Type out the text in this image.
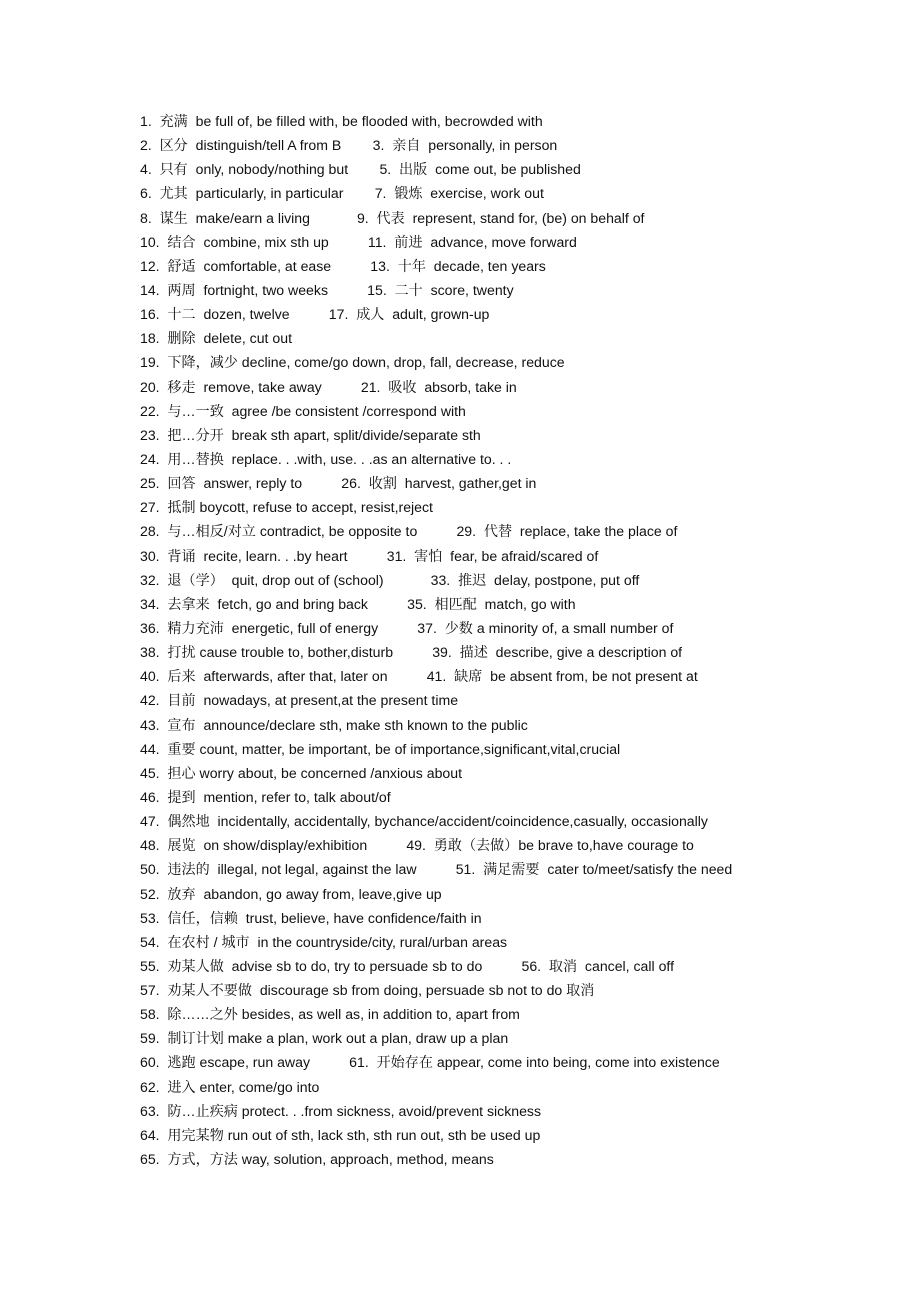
1.  充满  be full of, be filled with, be flooded with, becrowded with
2.  区分  distinguish/tell A from B        3.  亲自  personally, in person
4.  只有  only, nobody/nothing but        5.  出版  come out, be published
6.  尤其  particularly, in particular        7.  锻炼  exercise, work out
8.  谋生  make/earn a living            9.  代表  represent, stand for, (be) on behalf of
10.  结合  combine, mix sth up          11.  前进  advance, move forward
12.  舒适  comfortable, at ease          13.  十年  decade, ten years
14.  两周  fortnight, two weeks          15.  二十  score, twenty
16.  十二  dozen, twelve          17.  成人  adult, grown-up
18.  删除  delete, cut out
19.  下降，减少 decline, come/go down, drop, fall, decrease, reduce
20.  移走  remove, take away          21.  吸收  absorb, take in
22.  与…一致  agree /be consistent /correspond with
23.  把…分开  break sth apart, split/divide/separate sth
24.  用…替换  replace. . .with, use. . .as an alternative to. . .
25.  回答  answer, reply to          26.  收割  harvest, gather,get in
27.  抵制 boycott, refuse to accept, resist,reject
28.  与…相反/对立 contradict, be opposite to          29.  代替  replace, take the place of
30.  背诵  recite, learn. . .by heart          31.  害怕  fear, be afraid/scared of
32.  退（学）  quit, drop out of (school)            33.  推迟  delay, postpone, put off
34.  去拿来  fetch, go and bring back          35.  相匹配  match, go with
36.  精力充沛  energetic, full of energy          37.  少数 a minority of, a small number of
38.  打扰 cause trouble to, bother,disturb          39.  描述  describe, give a description of
40.  后来  afterwards, after that, later on          41.  缺席  be absent from, be not present at
42.  目前  nowadays, at present,at the present time
43.  宣布  announce/declare sth, make sth known to the public
44.  重要 count, matter, be important, be of importance,significant,vital,crucial
45.  担心 worry about, be concerned /anxious about
46.  提到  mention, refer to, talk about/of
47.  偶然地  incidentally, accidentally, bychance/accident/coincidence,casually, occasionally
48.  展览  on show/display/exhibition          49.  勇敢（去做）be brave to,have courage to
50.  违法的  illegal, not legal, against the law          51.  满足需要  cater to/meet/satisfy the need
52.  放弃  abandon, go away from, leave,give up
53.  信任，信赖  trust, believe, have confidence/faith in
54.  在农村 / 城市  in the countryside/city, rural/urban areas
55.  劝某人做  advise sb to do, try to persuade sb to do          56.  取消  cancel, call off
57.  劝某人不要做  discourage sb from doing, persuade sb not to do 取消
58.  除……之外 besides, as well as, in addition to, apart from
59.  制订计划 make a plan, work out a plan, draw up a plan
60.  逃跑 escape, run away          61.  开始存在 appear, come into being, come into existence
62.  进入 enter, come/go into
63.  防…止疾病 protect. . .from sickness, avoid/prevent sickness
64.  用完某物 run out of sth, lack sth, sth run out, sth be used up
65.  方式，方法 way, solution, approach, method, means
